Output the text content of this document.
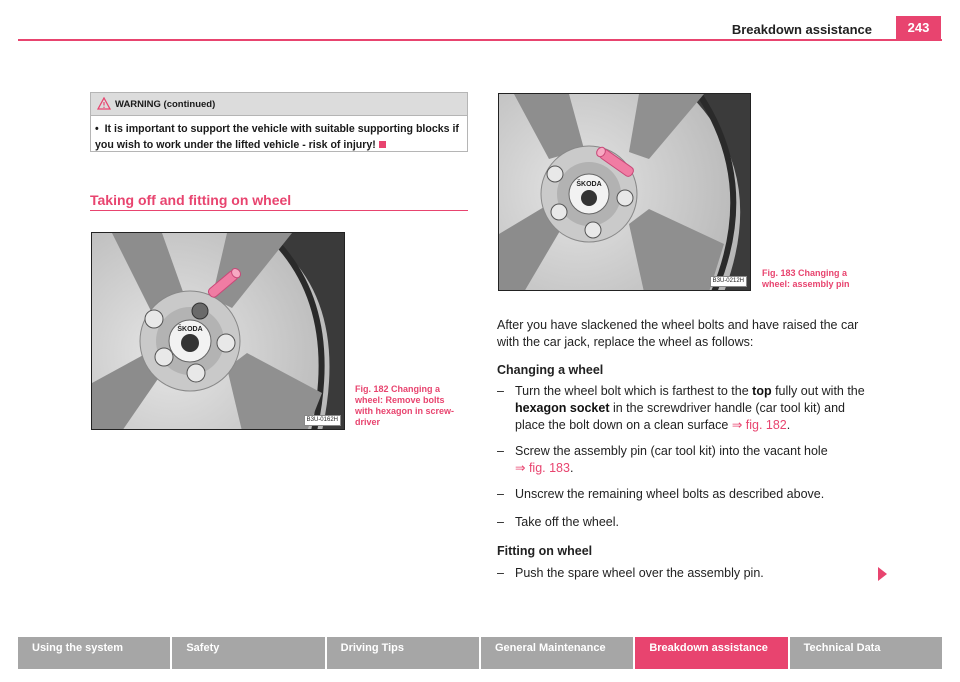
Breakdown assistance	243
WARNING (continued)
• It is important to support the vehicle with suitable supporting blocks if you wish to work under the lifted vehicle - risk of injury!
Taking off and fitting on wheel
ŠKODA
B3U-0162H
Fig. 182 Changing a wheel: Remove bolts with hexagon in screw-driver
ŠKODA
B3U-0212H
Fig. 183 Changing a wheel: assembly pin
After you have slackened the wheel bolts and have raised the car with the car jack, replace the wheel as follows:
Changing a wheel
– Turn the wheel bolt which is farthest to the top fully out with the hexagon socket in the screwdriver handle (car tool kit) and place the bolt down on a clean surface ⇒ fig. 182.
– Screw the assembly pin (car tool kit) into the vacant hole
⇒ fig. 183.
– Unscrew the remaining wheel bolts as described above.
– Take off the wheel.
Fitting on wheel
– Push the spare wheel over the assembly pin.
Using the system	Safety	Driving Tips	General Maintenance	Breakdown assistance	Technical Data
